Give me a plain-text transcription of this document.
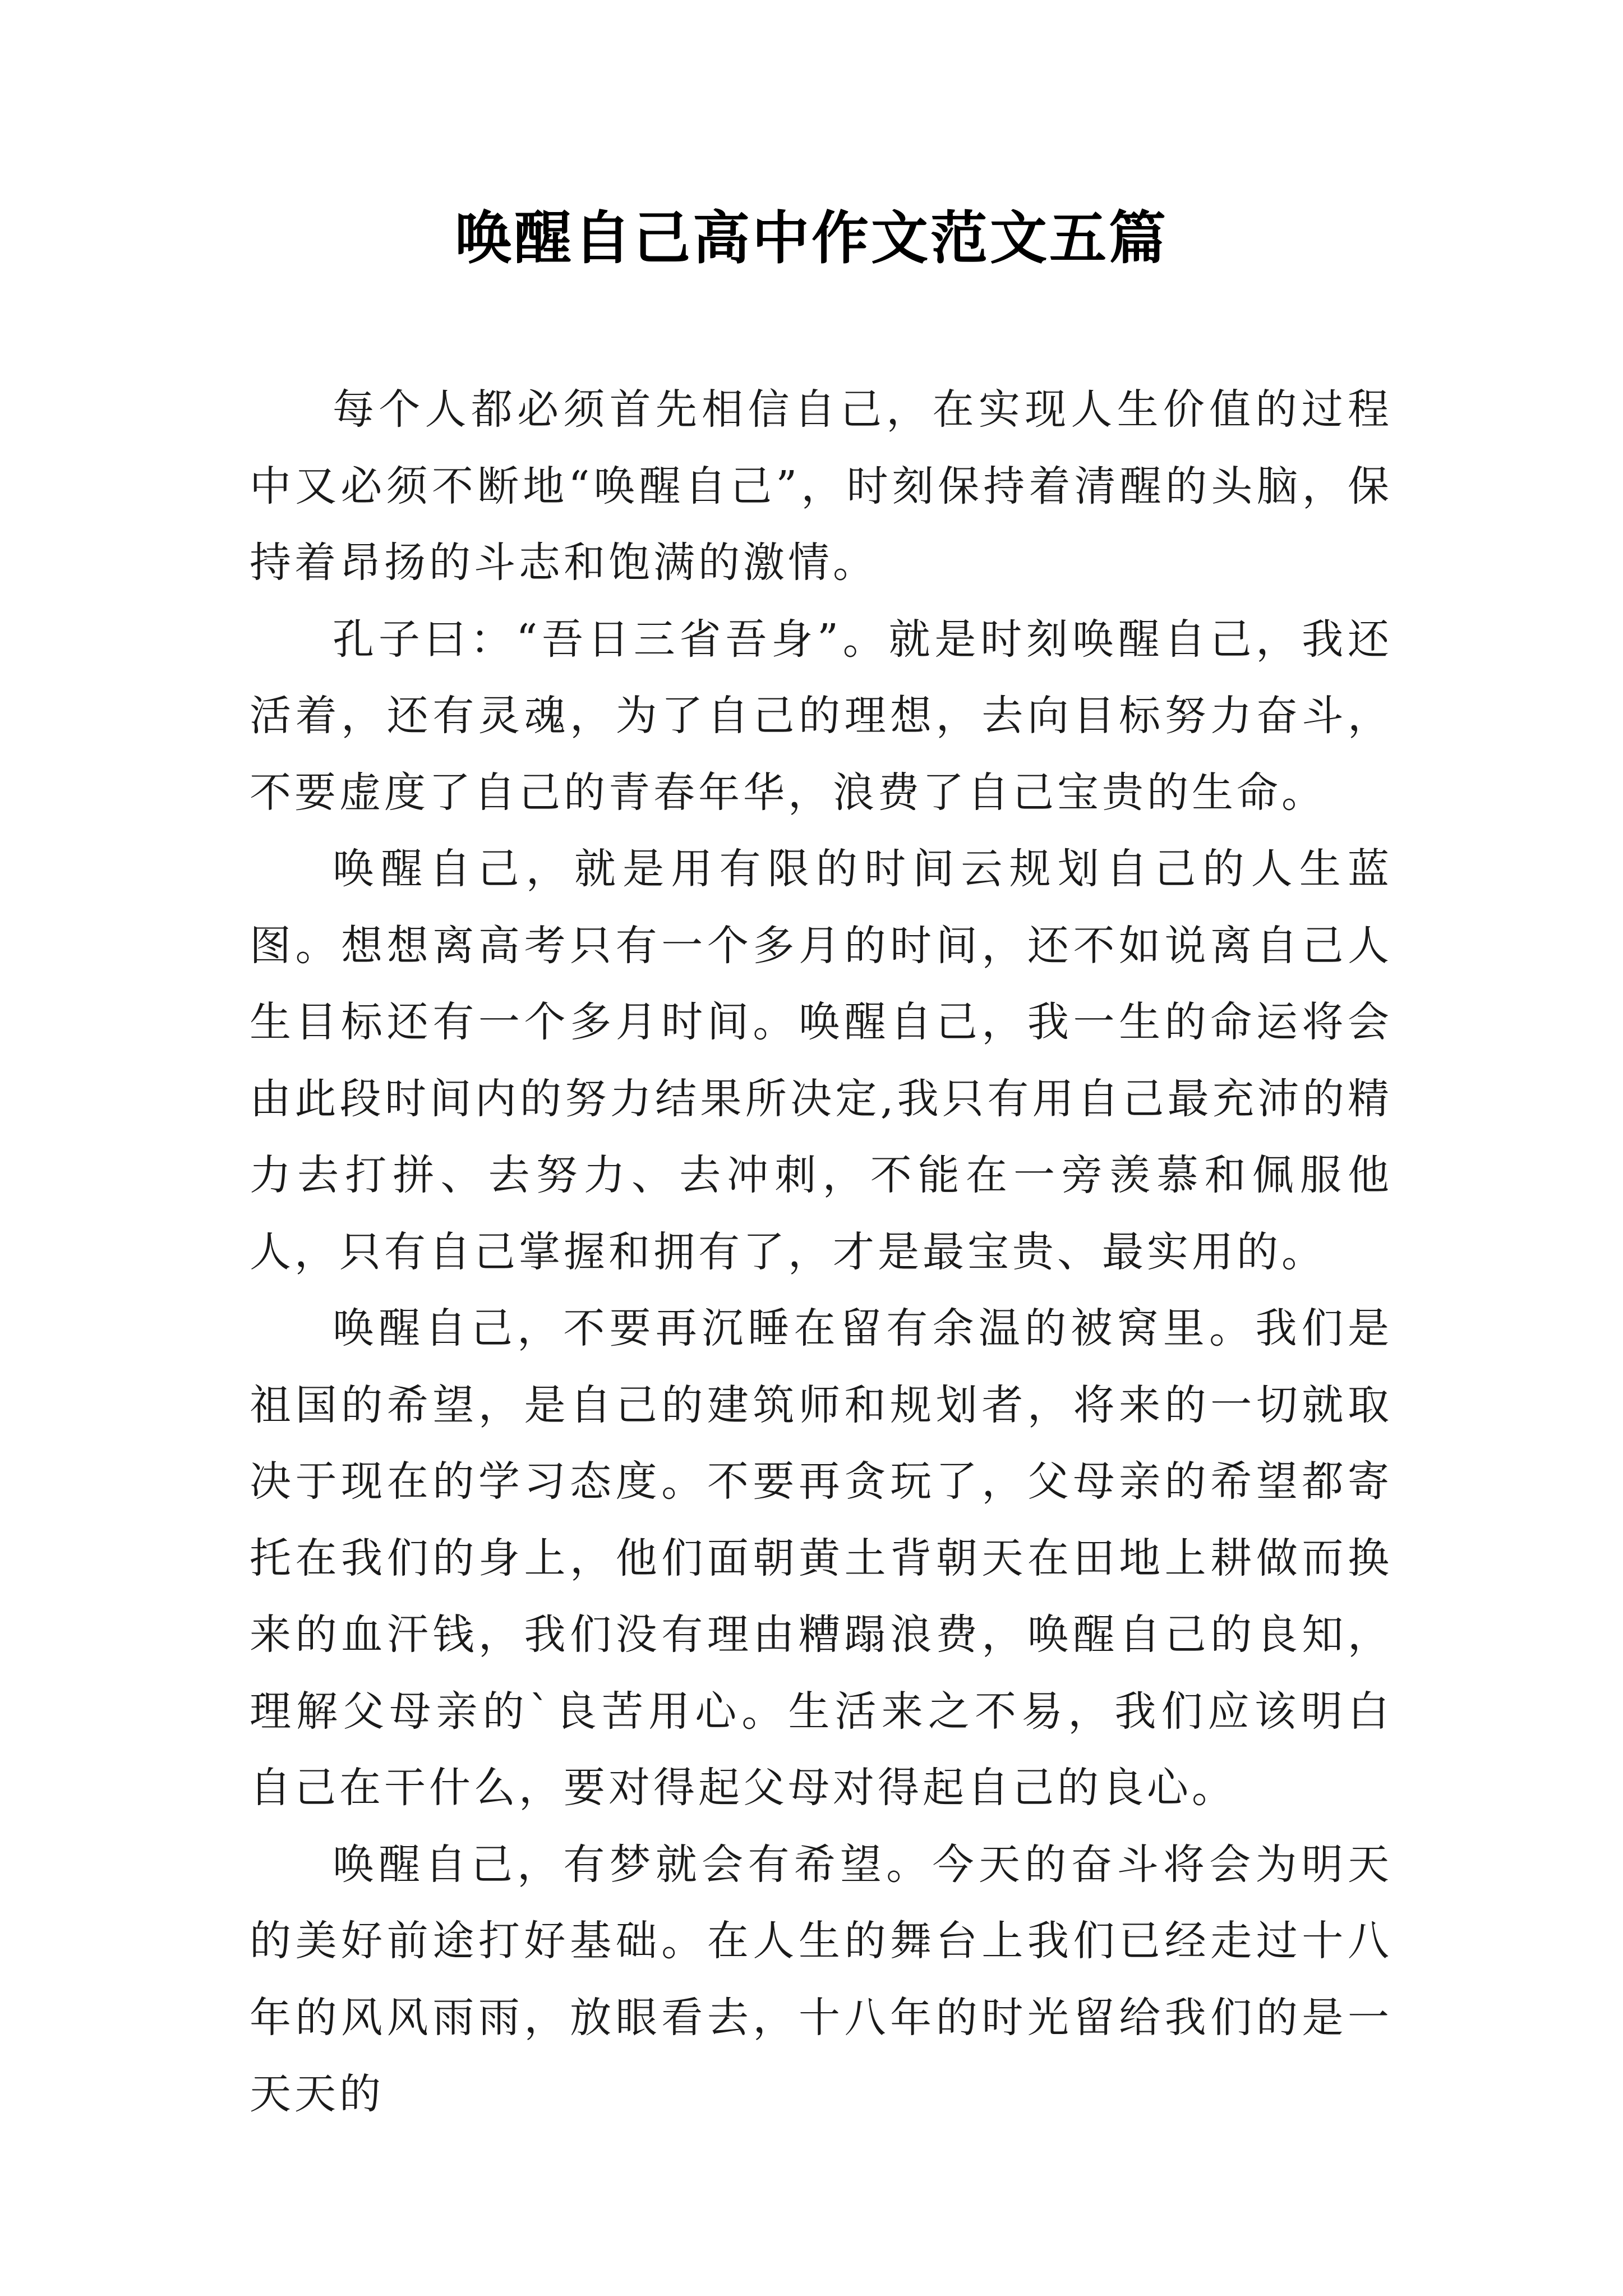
唤醒自己高中作文范文五篇

每个人都必须首先相信自己，在实现人生价值的过程中又必须不断地“唤醒自己”，时刻保持着清醒的头脑，保持着昂扬的斗志和饱满的激情。

孔子曰：“吾日三省吾身”。就是时刻唤醒自己，我还活着，还有灵魂，为了自己的理想，去向目标努力奋斗，不要虚度了自己的青春年华，浪费了自己宝贵的生命。

唤醒自己，就是用有限的时间云规划自己的人生蓝图。想想离高考只有一个多月的时间，还不如说离自己人生目标还有一个多月时间。唤醒自己，我一生的命运将会由此段时间内的努力结果所决定,我只有用自己最充沛的精力去打拼、去努力、去冲刺，不能在一旁羡慕和佩服他人，只有自己掌握和拥有了，才是最宝贵、最实用的。

唤醒自己，不要再沉睡在留有余温的被窝里。我们是祖国的希望，是自己的建筑师和规划者，将来的一切就取决于现在的学习态度。不要再贪玩了，父母亲的希望都寄托在我们的身上，他们面朝黄土背朝天在田地上耕做而换来的血汗钱，我们没有理由糟蹋浪费，唤醒自己的良知，理解父母亲的`良苦用心。生活来之不易，我们应该明白自己在干什么，要对得起父母对得起自己的良心。

唤醒自己，有梦就会有希望。今天的奋斗将会为明天的美好前途打好基础。在人生的舞台上我们已经走过十八年的风风雨雨，放眼看去，十八年的时光留给我们的是一天天的
